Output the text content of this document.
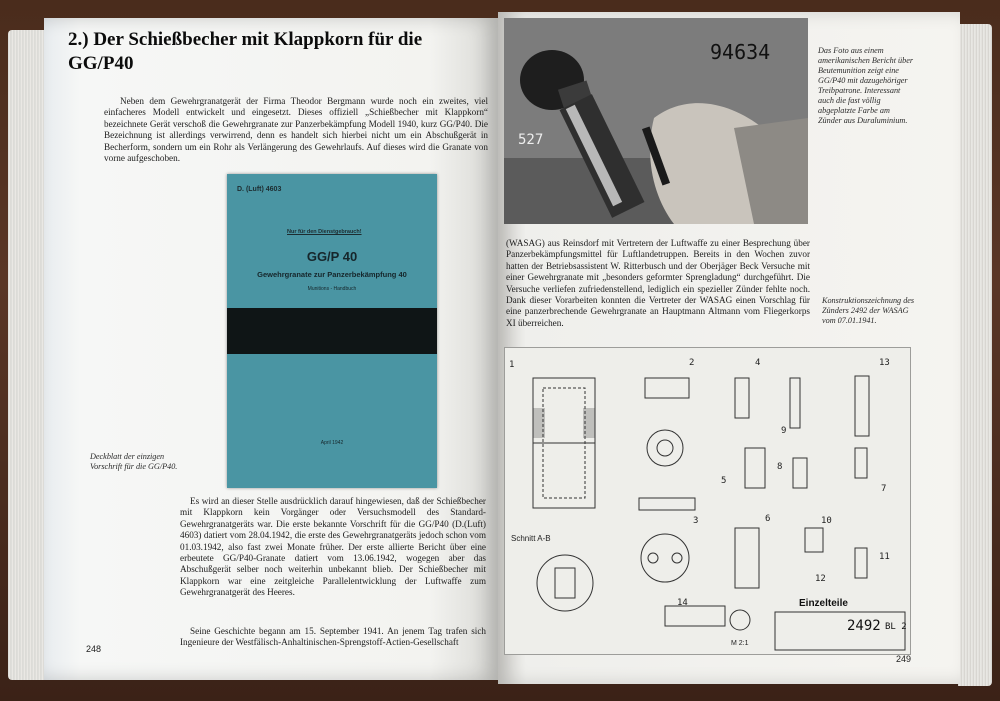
2.) Der Schießbecher mit Klappkorn für die GG/P40

Neben dem Gewehrgranatgerät der Firma Theodor Bergmann wurde noch ein zweites, viel einfacheres Modell entwickelt und eingesetzt. Dieses offiziell „Schießbecher mit Klappkorn“ bezeichnete Gerät verschoß die Gewehrgranate zur Panzerbekämpfung Modell 1940, kurz GG/P40. Die Bezeichnung ist allerdings verwirrend, denn es handelt sich hierbei nicht um ein Abschußgerät in Becherform, sondern um ein Rohr als Verlängerung des Gewehrlaufs. Auf dieses wird die Granate von vorne aufgeschoben.

D. (Luft) 4603
Nur für den Dienstgebrauch!
GG/P 40
Gewehrgranate zur Panzerbekämpfung 40
Munitions - Handbuch
April 1942
Deckblatt der einzigen Vorschrift für die GG/P40.

Es wird an dieser Stelle ausdrücklich darauf hingewiesen, daß der Schießbecher mit Klappkorn kein Vorgänger oder Versuchsmodell des Standard-Gewehrgranatgeräts war. Die erste bekannte Vorschrift für die GG/P40 (D.(Luft) 4603) datiert vom 28.04.1942, die erste des Gewehrgranatgeräts jedoch schon vom 01.03.1942, also fast zwei Monate früher. Der erste allierte Bericht über eine erbeutete GG/P40-Granate datiert vom 13.06.1942, wogegen aber das Abschußgerät selber noch weiterhin unbekannt blieb. Der Schießbecher mit Klappkorn war eine zeitgleiche Parallelentwicklung der Luftwaffe zum Gewehrgranatgerät des Heeres.

Seine Geschichte begann am 15. September 1941. An jenem Tag trafen sich Ingenieure der Westfälisch-Anhaltinischen-Sprengstoff-Actien-Gesellschaft

248
94634
527
Das Foto aus einem amerikanischen Bericht über Beutemunition zeigt eine GG/P40 mit dazugehöriger Treibpatrone. Interessant auch die fast völlig abgeplatzte Farbe am Zünder aus Duraluminium.

(WASAG) aus Reinsdorf mit Vertretern der Luftwaffe zu einer Besprechung über Panzerbekämpfungsmittel für Luftlandetruppen. Bereits in den Wochen zuvor hatten der Betriebsassistent W. Ritterbusch und der Oberjäger Beck Versuche mit einer Gewehrgranate mit „besonders geformter Sprengladung“ durchgeführt. Die Versuche verliefen zufriedenstellend, lediglich ein spezieller Zünder fehlte noch. Dank dieser Vorarbeiten konnten die Vertreter der WASAG einen Vorschlag für eine panzerbrechende Gewehrgranate an Hauptmann Altmann vom Fliegerkorps XI überreichen.

Konstruktionszeichnung des Zünders 2492 der WASAG vom 07.01.1941.
Schnitt A-B
Einzelteile
2492 BL 2
M 2:1
1	2
3
4
5
6
7
8
9
10
11
12
13
14
249
